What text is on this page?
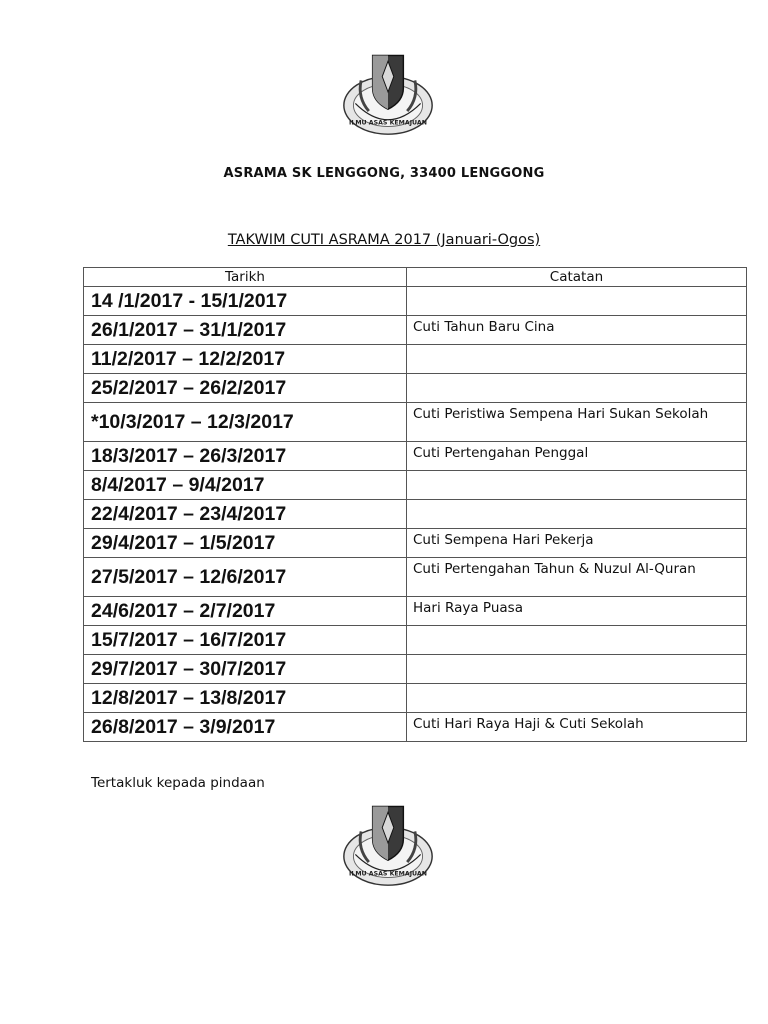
ILMU ASAS KEMAJUAN
ASRAMA SK LENGGONG, 33400 LENGGONG
TAKWIM CUTI ASRAMA 2017 (Januari-Ogos)
Tarikh	Catatan
14 /1/2017 - 15/1/2017	
26/1/2017 – 31/1/2017	Cuti Tahun Baru Cina
11/2/2017 – 12/2/2017	
25/2/2017 – 26/2/2017	
*10/3/2017 – 12/3/2017	Cuti Peristiwa Sempena Hari Sukan Sekolah
18/3/2017 – 26/3/2017	Cuti Pertengahan Penggal
8/4/2017 – 9/4/2017	
22/4/2017 – 23/4/2017	
29/4/2017 – 1/5/2017	Cuti Sempena Hari Pekerja
27/5/2017 – 12/6/2017	Cuti Pertengahan Tahun & Nuzul Al-Quran
24/6/2017 – 2/7/2017	Hari Raya Puasa
15/7/2017 – 16/7/2017	
29/7/2017 – 30/7/2017	
12/8/2017 – 13/8/2017	
26/8/2017 – 3/9/2017	Cuti Hari Raya Haji & Cuti Sekolah
Tertakluk kepada pindaan
ILMU ASAS KEMAJUAN
